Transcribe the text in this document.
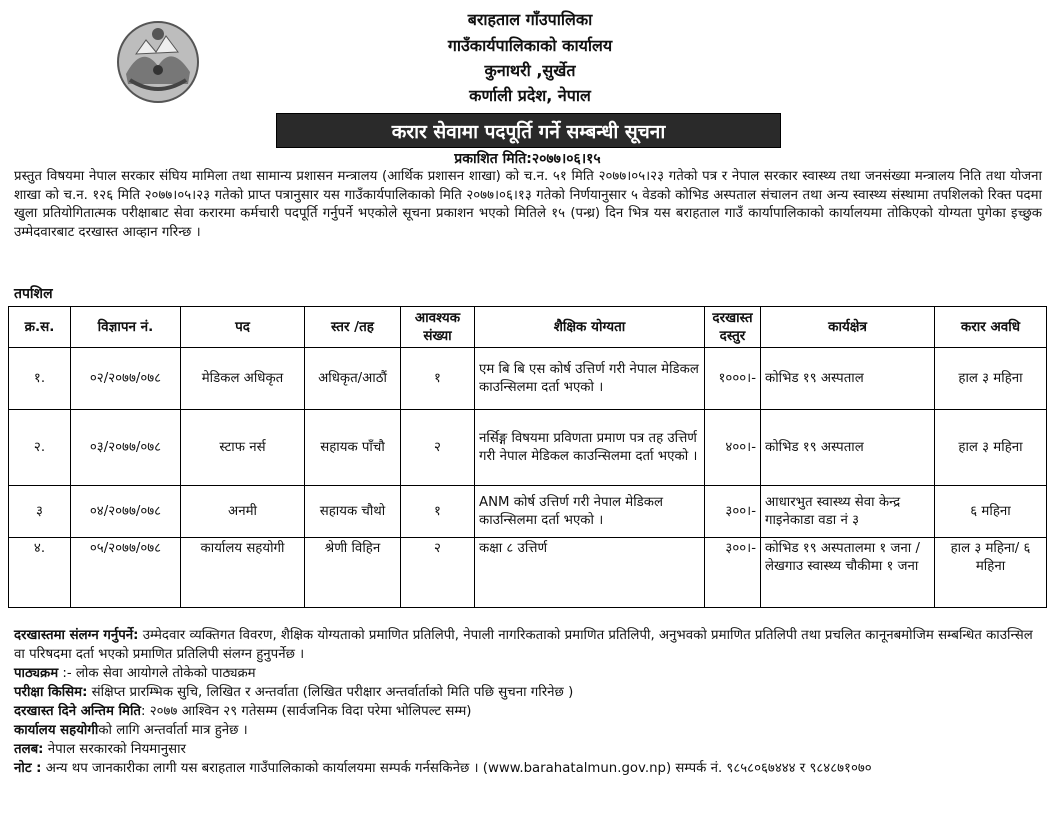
बराहताल गाँउपालिका
गाउँकार्यपालिकाको कार्यालय
कुनाथरी ,सुर्खेत
कर्णाली प्रदेश, नेपाल
करार सेवामा पदपूर्ति गर्ने सम्बन्धी सूचना
प्रकाशित मिति:२०७७।०६।१५
प्रस्तुत विषयमा नेपाल सरकार संघिय मामिला तथा सामान्य प्रशासन मन्त्रालय (आर्थिक प्रशासन शाखा) को च.न. ५१ मिति २०७७।०५।२३ गतेको पत्र र नेपाल सरकार स्वास्थ्य तथा जनसंख्या मन्त्रालय निति तथा योजना शाखा को च.न. १२६ मिति २०७७।०५।२३ गतेको प्राप्त पत्रानुसार यस गाउँकार्यपालिकाको मिति २०७७।०६।१३ गतेको निर्णयानुसार ५ वेडको कोभिड अस्पताल संचालन तथा अन्य स्वास्थ्य संस्थामा तपशिलको रिक्त पदमा खुला प्रतियोगितात्मक परीक्षाबाट सेवा करारमा कर्मचारी पदपूर्ति गर्नुपर्ने भएकोले सूचना प्रकाशन भएको मितिले १५ (पन्ध्र) दिन भित्र यस बराहताल गाउँ कार्यापालिकाको कार्यालयमा तोकिएको योग्यता पुगेका इच्छुक उम्मेदवारबाट दरखास्त आव्हान गरिन्छ ।
तपशिल
क्र.स.	विज्ञापन नं.	पद	स्तर /तह	आवश्यक संख्या	शैक्षिक योग्यता	दरखास्त दस्तुर	कार्यक्षेत्र	करार अवधि
१.	०२/२०७७/०७८	मेडिकल अधिकृत	अधिकृत/आठौं	१	एम बि बि एस कोर्ष उत्तिर्ण गरी नेपाल मेडिकल काउन्सिलमा दर्ता भएको ।	१०००।-	कोभिड १९ अस्पताल	हाल ३ महिना
२.	०३/२०७७/०७८	स्टाफ नर्स	सहायक पाँचौ	२	नर्सिङ्ग विषयमा प्रविणता प्रमाण पत्र तह उत्तिर्ण गरी नेपाल मेडिकल काउन्सिलमा दर्ता भएको ।	४००।-	कोभिड १९ अस्पताल	हाल ३ महिना
३	०४/२०७७/०७८	अनमी	सहायक चौथो	१	ANM कोर्ष उत्तिर्ण गरी नेपाल मेडिकल काउन्सिलमा दर्ता भएको ।	३००।-	आधारभुत स्वास्थ्य सेवा केन्द्र गाइनेकाडा वडा नं ३	६ महिना
४.	०५/२०७७/०७८	कार्यालय सहयोगी	श्रेणी विहिन	२	कक्षा ८ उत्तिर्ण	३००।-	कोभिड १९ अस्पतालमा १ जना / लेखगाउ स्वास्थ्य चौकीमा १ जना	हाल ३ महिना/ ६ महिना

दरखास्तमा संलग्न गर्नुपर्ने: उम्मेदवार व्यक्तिगत विवरण, शैक्षिक योग्यताको प्रमाणित प्रतिलिपी, नेपाली नागरिकताको प्रमाणित प्रतिलिपी, अनुभवको प्रमाणित प्रतिलिपी तथा प्रचलित कानूनबमोजिम सम्बन्धित काउन्सिल वा परिषदमा दर्ता भएको प्रमाणित प्रतिलिपी संलग्न हुनुपर्नेछ ।

पाठ्यक्रम :- लोक सेवा आयोगले तोकेको पाठ्यक्रम

परीक्षा किसिम: संक्षिप्त प्रारम्भिक सुचि, लिखित र अन्तर्वाता (लिखित परीक्षार अन्तर्वार्ताको मिति पछि सुचना गरिनेछ )

दरखास्त दिने अन्तिम मिति: २०७७ आश्विन २९ गतेसम्म (सार्वजनिक विदा परेमा भोलिपल्ट सम्म)

कार्यालय सहयोगीको लागि अन्तर्वार्ता मात्र हुनेछ ।

तलब: नेपाल सरकारको नियमानुसार

नोट : अन्य थप जानकारीका लागी यस बराहताल गाउँपालिकाको कार्यालयमा सम्पर्क गर्नसकिनेछ । (www.barahatalmun.gov.np) सम्पर्क नं. ९८५८०६७४४४ र ९८४८७१०७०
